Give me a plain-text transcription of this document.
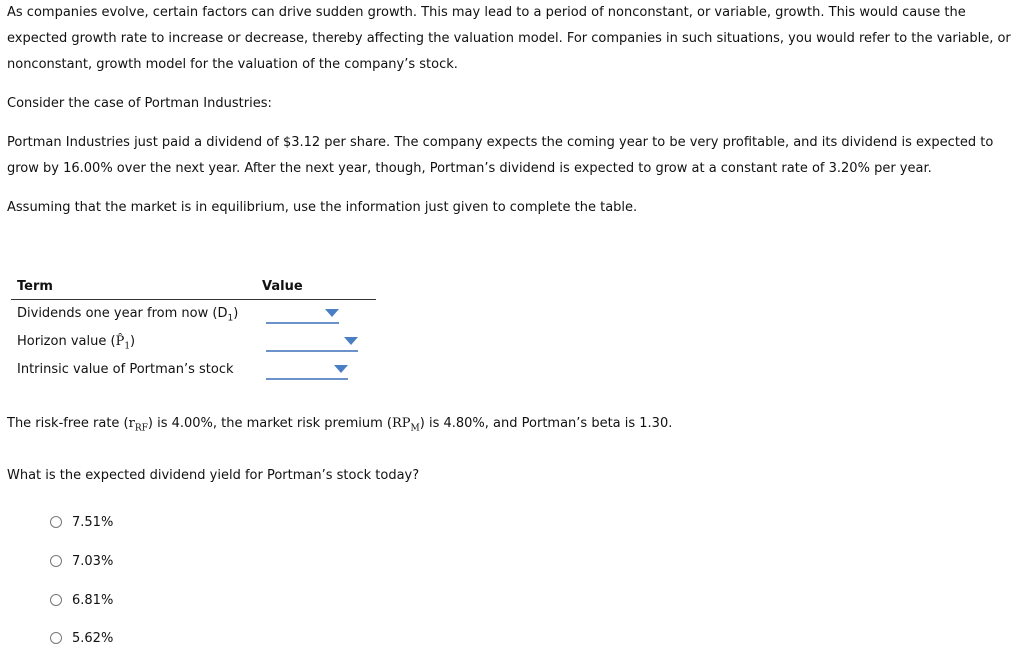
As companies evolve, certain factors can drive sudden growth. This may lead to a period of nonconstant, or variable, growth. This would cause the expected growth rate to increase or decrease, thereby affecting the valuation model. For companies in such situations, you would refer to the variable, or nonconstant, growth model for the valuation of the company’s stock.

Consider the case of Portman Industries:

Portman Industries just paid a dividend of $3.12 per share. The company expects the coming year to be very profitable, and its dividend is expected to grow by 16.00% over the next year. After the next year, though, Portman’s dividend is expected to grow at a constant rate of 3.20% per year.

Assuming that the market is in equilibrium, use the information just given to complete the table.

Term	Value
Dividends one year from now $(D_1)$
Horizon value $(P̂_1)$
Intrinsic value of Portman’s stock

The risk-free rate $(r_{RF})$ is 4.00%, the market risk premium $(RP_M)$ is 4.80%, and Portman’s beta is 1.30.

What is the expected dividend yield for Portman’s stock today?

7.51%
7.03%
6.81%
5.62%
